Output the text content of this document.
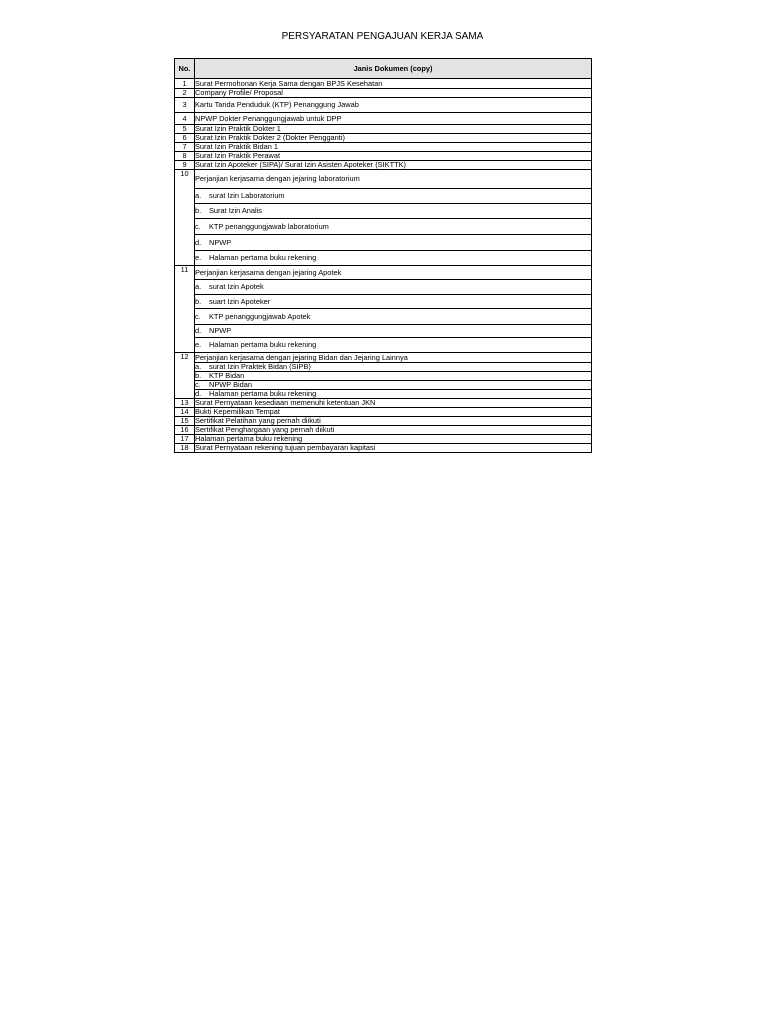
PERSYARATAN PENGAJUAN KERJA SAMA
No.	Janis Dokumen (copy)
1	Surat Permohonan Kerja Sama dengan BPJS Kesehatan
2	Company Profile/ Proposal
3	Kartu Tanda Penduduk (KTP) Penanggung Jawab
4	NPWP Dokter Penanggungjawab untuk DPP
5	Surat Izin Praktik Dokter 1
6	Surat Izin Praktik Dokter 2 (Dokter Pengganti)
7	Surat Izin Praktik Bidan 1
8	Surat Izin Praktik Perawat
9	Surat Izin Apoteker (SIPA)/ Surat Izin Asisten Apoteker (SIKTTK)
10	Perjanjian kerjasama dengan jejaring laboratorium
	a. surat Izin Laboratorium
	b. Surat Izin Analis
	c. KTP penanggungjawab laboratorium
	d. NPWP
	e. Halaman pertama buku rekening
11	Perjanjian kerjasama dengan jejaring Apotek
	a. surat Izin Apotek
	b. suart Izin Apoteker
	c. KTP penanggungjawab Apotek
	d. NPWP
	e. Halaman pertama buku rekening
12	Perjanjian kerjasama dengan jejaring Bidan dan Jejaring Lainnya
	a. surat Izin Praktek Bidan (SIPB)
	b. KTP Bidan
	c. NPWP Bidan
	d. Halaman pertama buku rekening
13	Surat Pernyataan kesediaan memenuhi ketentuan JKN
14	Bukti Kepemilikan Tempat
15	Sertifikat Pelatihan yang pernah diikuti
16	Sertifikat Penghargaan yang pernah diikuti
17	Halaman pertama buku rekening
18	Surat Pernyataan rekening tujuan pembayaran kapitasi
